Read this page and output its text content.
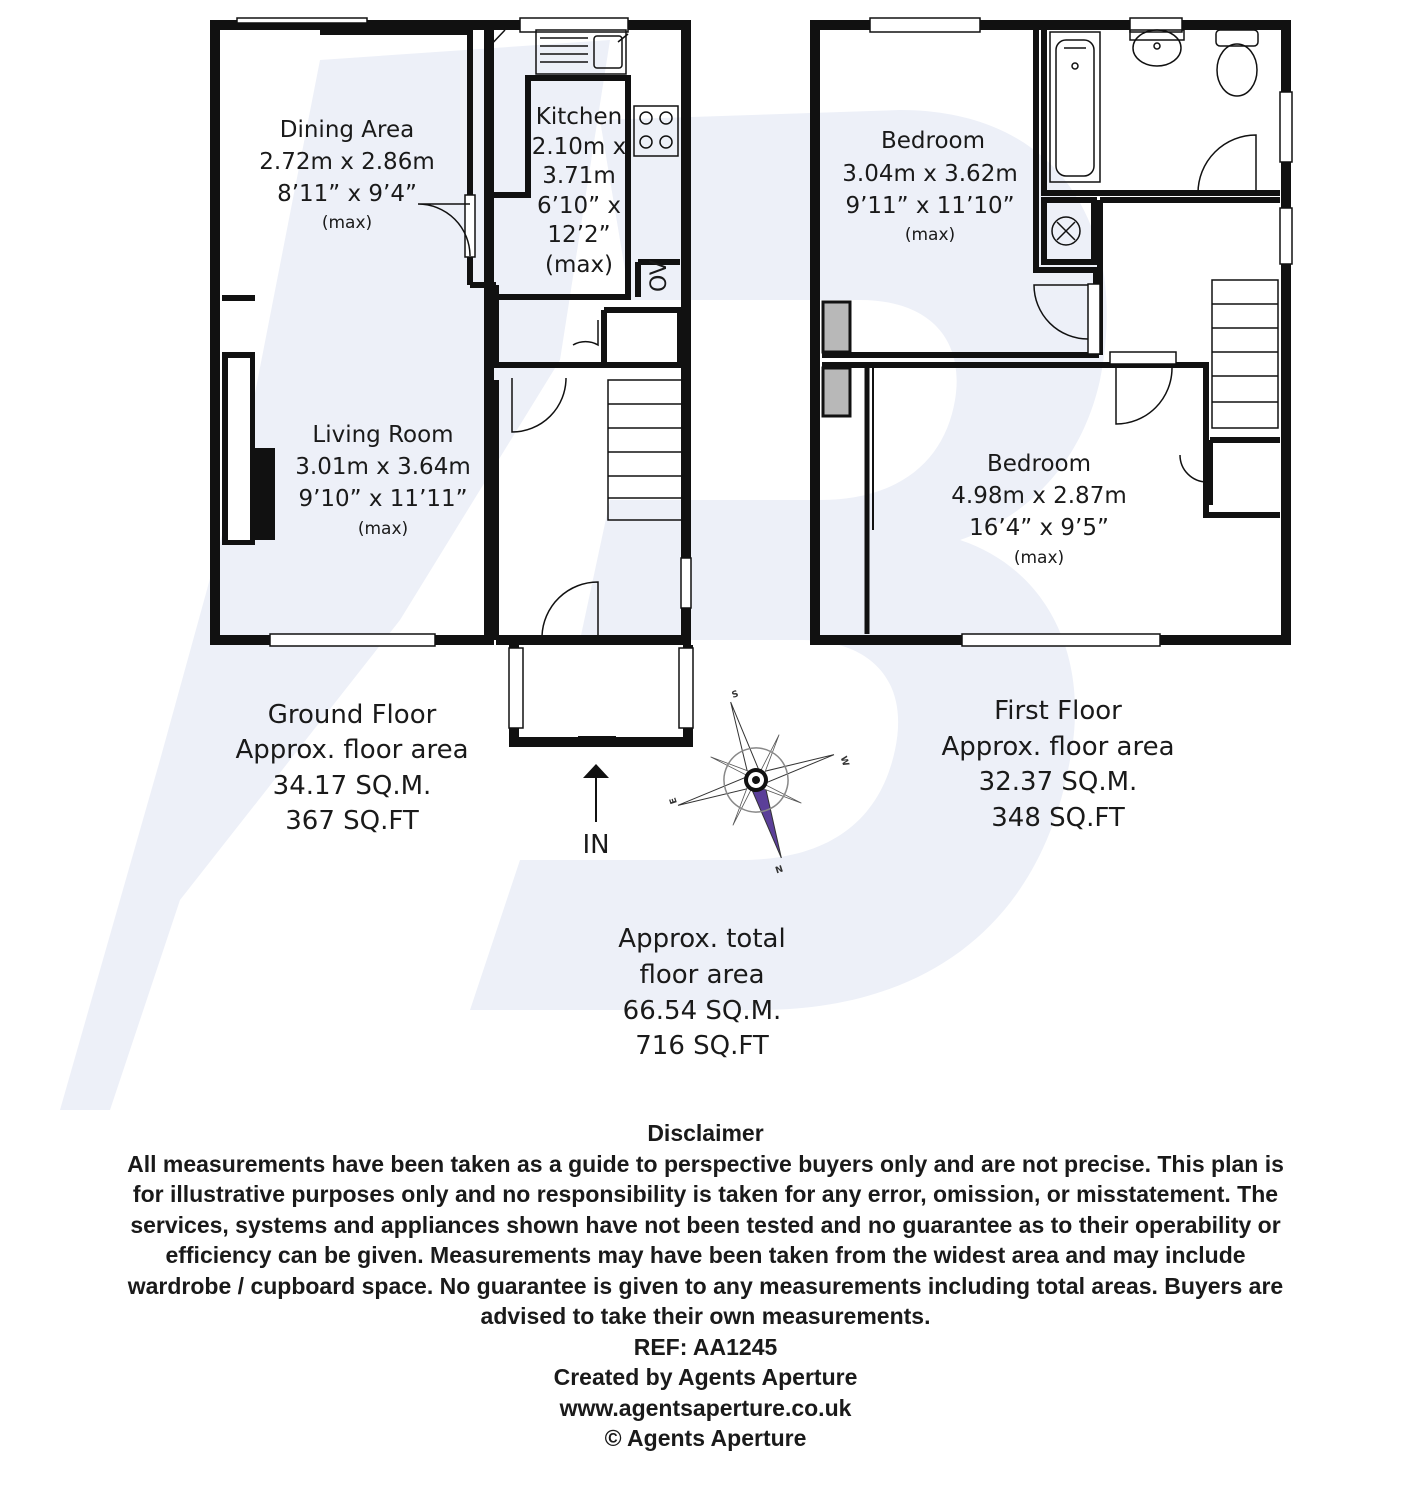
OV
Dining Area
2.72m x 2.86m
8’11” x 9’4”
(max)
Kitchen
2.10m x
3.71m
6’10” x
12’2”
(max)
Living Room
3.01m x 3.64m
9’10” x 11’11”
(max)
Ground Floor
Approx. floor area
34.17 SQ.M.
367 SQ.FT
IN
Bedroom
3.04m x 3.62m
9’11” x 11’10”
(max)
Bedroom
4.98m x 2.87m
16’4” x 9’5”
(max)
First Floor
Approx. floor area
32.37 SQ.M.
348 SQ.FT
S
W
E
N
Approx. total
floor area
66.54 SQ.M.
716 SQ.FT
Disclaimer
All measurements have been taken as a guide to perspective buyers only and are not precise. This plan is
for illustrative purposes only and no responsibility is taken for any error, omission, or misstatement. The
services, systems and appliances shown have not been tested and no guarantee as to their operability or
efficiency can be given. Measurements may have been taken from the widest area and may include
wardrobe / cupboard space. No guarantee is given to any measurements including total areas. Buyers are
advised to take their own measurements.
REF: AA1245
Created by Agents Aperture
www.agentsaperture.co.uk
© Agents Aperture
